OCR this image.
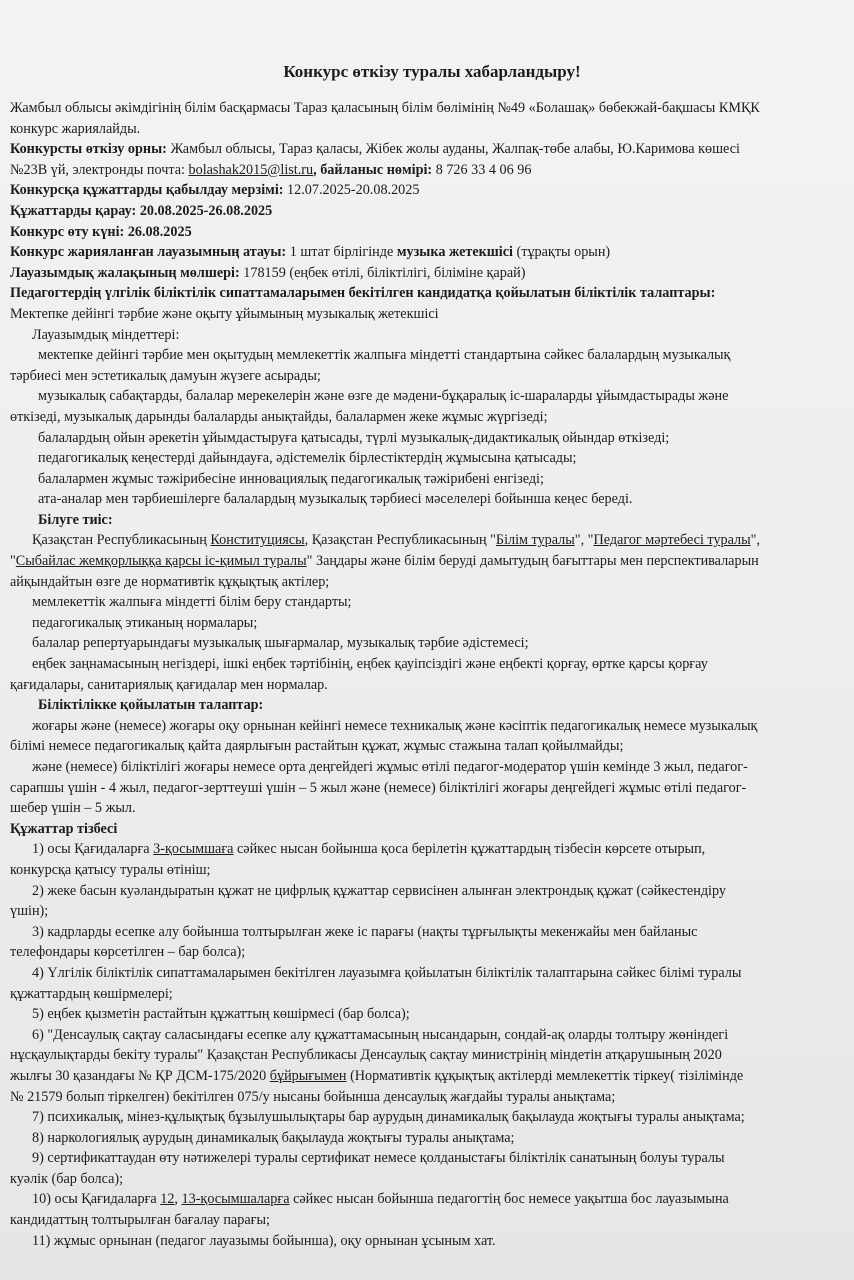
Конкурс өткізу туралы хабарландыру!
Жамбыл облысы әкімдігінің білім басқармасы Тараз қаласының білім бөлімінің №49 «Болашақ» бөбекжай-бақшасы КМҚК
конкурс жариялайды.
Конкурсты өткізу орны: Жамбыл облысы, Тараз қаласы, Жібек жолы ауданы, Жалпақ-төбе алабы, Ю.Каримова көшесі
№23В үй, электронды почта: bolashak2015@list.ru, байланыс нөмірі: 8 726 33 4 06 96
Конкурсқа құжаттарды қабылдау мерзімі: 12.07.2025-20.08.2025
Құжаттарды қарау: 20.08.2025-26.08.2025
Конкурс өту күні: 26.08.2025
Конкурс жарияланған лауазымның атауы: 1 штат бірлігінде музыка жетекшісі (тұрақты орын)
Лауазымдық жалақының мөлшері: 178159 (еңбек өтілі, біліктілігі, біліміне қарай)
Педагогтердің үлгілік біліктілік сипаттамаларымен бекітілген кандидатқа қойылатын біліктілік талаптары:
Мектепке дейінгі тәрбие және оқыту ұйымының музыкалық жетекшісі
Лауазымдық міндеттері:
мектепке дейінгі тәрбие мен оқытудың мемлекеттік жалпыға міндетті стандартына сәйкес балалардың музыкалық
тәрбиесі мен эстетикалық дамуын жүзеге асырады;
музыкалық сабақтарды, балалар мерекелерін және өзге де мәдени-бұқаралық іс-шараларды ұйымдастырады және
өткізеді, музыкалық дарынды балаларды анықтайды, балалармен жеке жұмыс жүргізеді;
балалардың ойын әрекетін ұйымдастыруға қатысады, түрлі музыкалық-дидактикалық ойындар өткізеді;
педагогикалық кеңестерді дайындауға, әдістемелік бірлестіктердің жұмысына қатысады;
балалармен жұмыс тәжірибесіне инновациялық педагогикалық тәжірибені енгізеді;
ата-аналар мен тәрбиешілерге балалардың музыкалық тәрбиесі мәселелері бойынша кеңес береді.
Білуге тиіс:
Қазақстан Республикасының Конституциясы, Қазақстан Республикасының "Білім туралы", "Педагог мәртебесі туралы",
"Сыбайлас жемқорлыққа қарсы іс-қимыл туралы" Заңдары және білім беруді дамытудың бағыттары мен перспективаларын
айқындайтын өзге де нормативтік құқықтық актілер;
мемлекеттік жалпыға міндетті білім беру стандарты;
педагогикалық этиканың нормалары;
балалар репертуарындағы музыкалық шығармалар, музыкалық тәрбие әдістемесі;
еңбек заңнамасының негіздері, ішкі еңбек тәртібінің, еңбек қауіпсіздігі және еңбекті қорғау, өртке қарсы қорғау
қағидалары, санитариялық қағидалар мен нормалар.
Біліктілікке қойылатын талаптар:
жоғары және (немесе) жоғары оқу орнынан кейінгі немесе техникалық және кәсіптік педагогикалық немесе музыкалық
білімі немесе педагогикалық қайта даярлығын растайтын құжат, жұмыс стажына талап қойылмайды;
және (немесе) біліктілігі жоғары немесе орта деңгейдегі жұмыс өтілі педагог-модератор үшін кемінде 3 жыл, педагог-
сарапшы үшін - 4 жыл, педагог-зерттеуші үшін – 5 жыл және (немесе) біліктілігі жоғары деңгейдегі жұмыс өтілі педагог-
шебер үшін – 5 жыл.
Құжаттар тізбесі
1) осы Қағидаларға 3-қосымшаға сәйкес нысан бойынша қоса берілетін құжаттардың тізбесін көрсете отырып,
конкурсқа қатысу туралы өтініш;
2) жеке басын куәландыратын құжат не цифрлық құжаттар сервисінен алынған электрондық құжат (сәйкестендіру
үшін);
3) кадрларды есепке алу бойынша толтырылған жеке іс парағы (нақты тұрғылықты мекенжайы мен байланыс
телефондары көрсетілген – бар болса);
4) Үлгілік біліктілік сипаттамаларымен бекітілген лауазымға қойылатын біліктілік талаптарына сәйкес білімі туралы
құжаттардың көшірмелері;
5) еңбек қызметін растайтын құжаттың көшірмесі (бар болса);
6) "Денсаулық сақтау саласындағы есепке алу құжаттамасының нысандарын, сондай-ақ оларды толтыру жөніндегі
нұсқаулықтарды бекіту туралы" Қазақстан Республикасы Денсаулық сақтау министрінің міндетін атқарушының 2020
жылғы 30 қазандағы № ҚР ДСМ-175/2020 бұйрығымен (Нормативтік құқықтық актілерді мемлекеттік тіркеу( тізілімінде
№ 21579 болып тіркелген) бекітілген 075/у нысаны бойынша денсаулық жағдайы туралы анықтама;
7) психикалық, мінез-құлықтық бұзылушылықтары бар аурудың динамикалық бақылауда жоқтығы туралы анықтама;
8) наркологиялық аурудың динамикалық бақылауда жоқтығы туралы анықтама;
9) сертификаттаудан өту нәтижелері туралы сертификат немесе қолданыстағы біліктілік санатының болуы туралы
куәлік (бар болса);
10) осы Қағидаларға 12, 13-қосымшаларға сәйкес нысан бойынша педагогтің бос немесе уақытша бос лауазымына
кандидаттың толтырылған бағалау парағы;
11) жұмыс орнынан (педагог лауазымы бойынша), оқу орнынан ұсыным хат.
